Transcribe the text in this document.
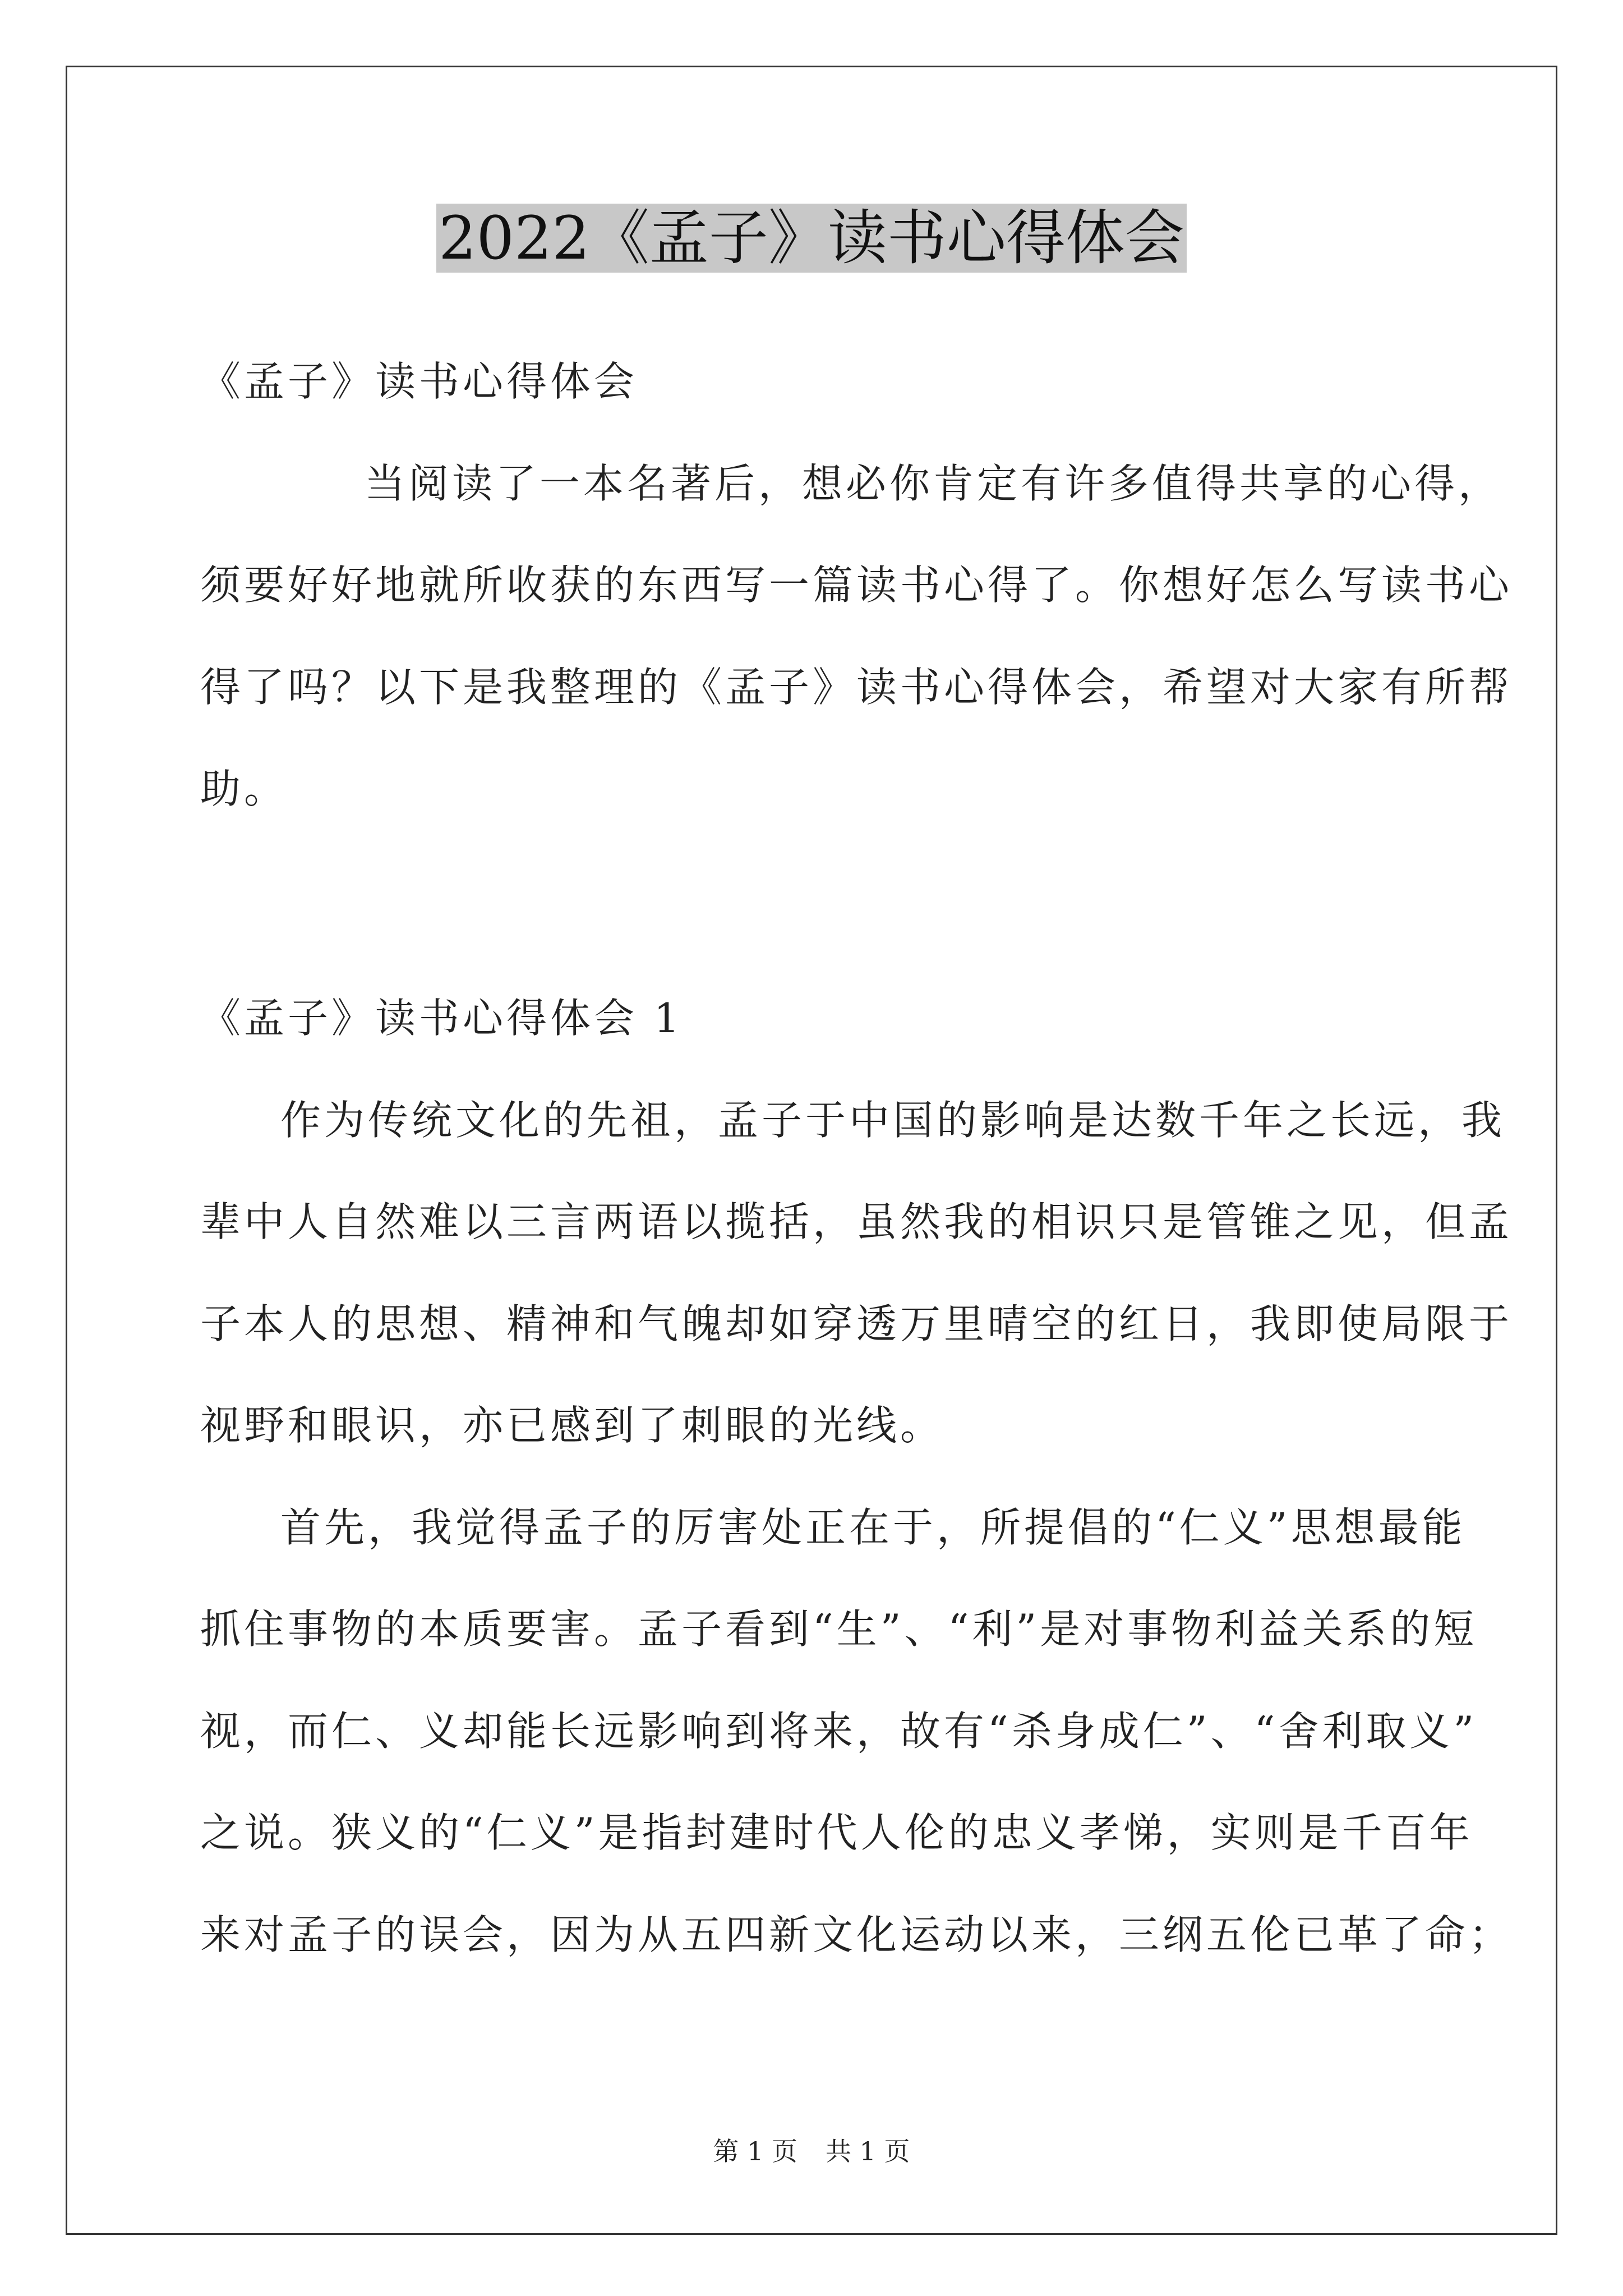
2022《孟子》读书心得体会
《孟子》读书心得体会
当阅读了一本名著后，想必你肯定有许多值得共享的心得，
须要好好地就所收获的东西写一篇读书心得了。你想好怎么写读书心
得了吗？以下是我整理的《孟子》读书心得体会，希望对大家有所帮
助。
《孟子》读书心得体会 1
作为传统文化的先祖，孟子于中国的影响是达数千年之长远，我
辈中人自然难以三言两语以揽括，虽然我的相识只是管锥之见，但孟
子本人的思想、精神和气魄却如穿透万里晴空的红日，我即使局限于
视野和眼识，亦已感到了刺眼的光线。
首先，我觉得孟子的厉害处正在于，所提倡的“仁义”思想最能
抓住事物的本质要害。孟子看到“生”、“利”是对事物利益关系的短
视，而仁、义却能长远影响到将来，故有“杀身成仁”、“舍利取义”
之说。狭义的“仁义”是指封建时代人伦的忠义孝悌，实则是千百年
来对孟子的误会，因为从五四新文化运动以来，三纲五伦已革了命；
第 1 页 共 1 页
